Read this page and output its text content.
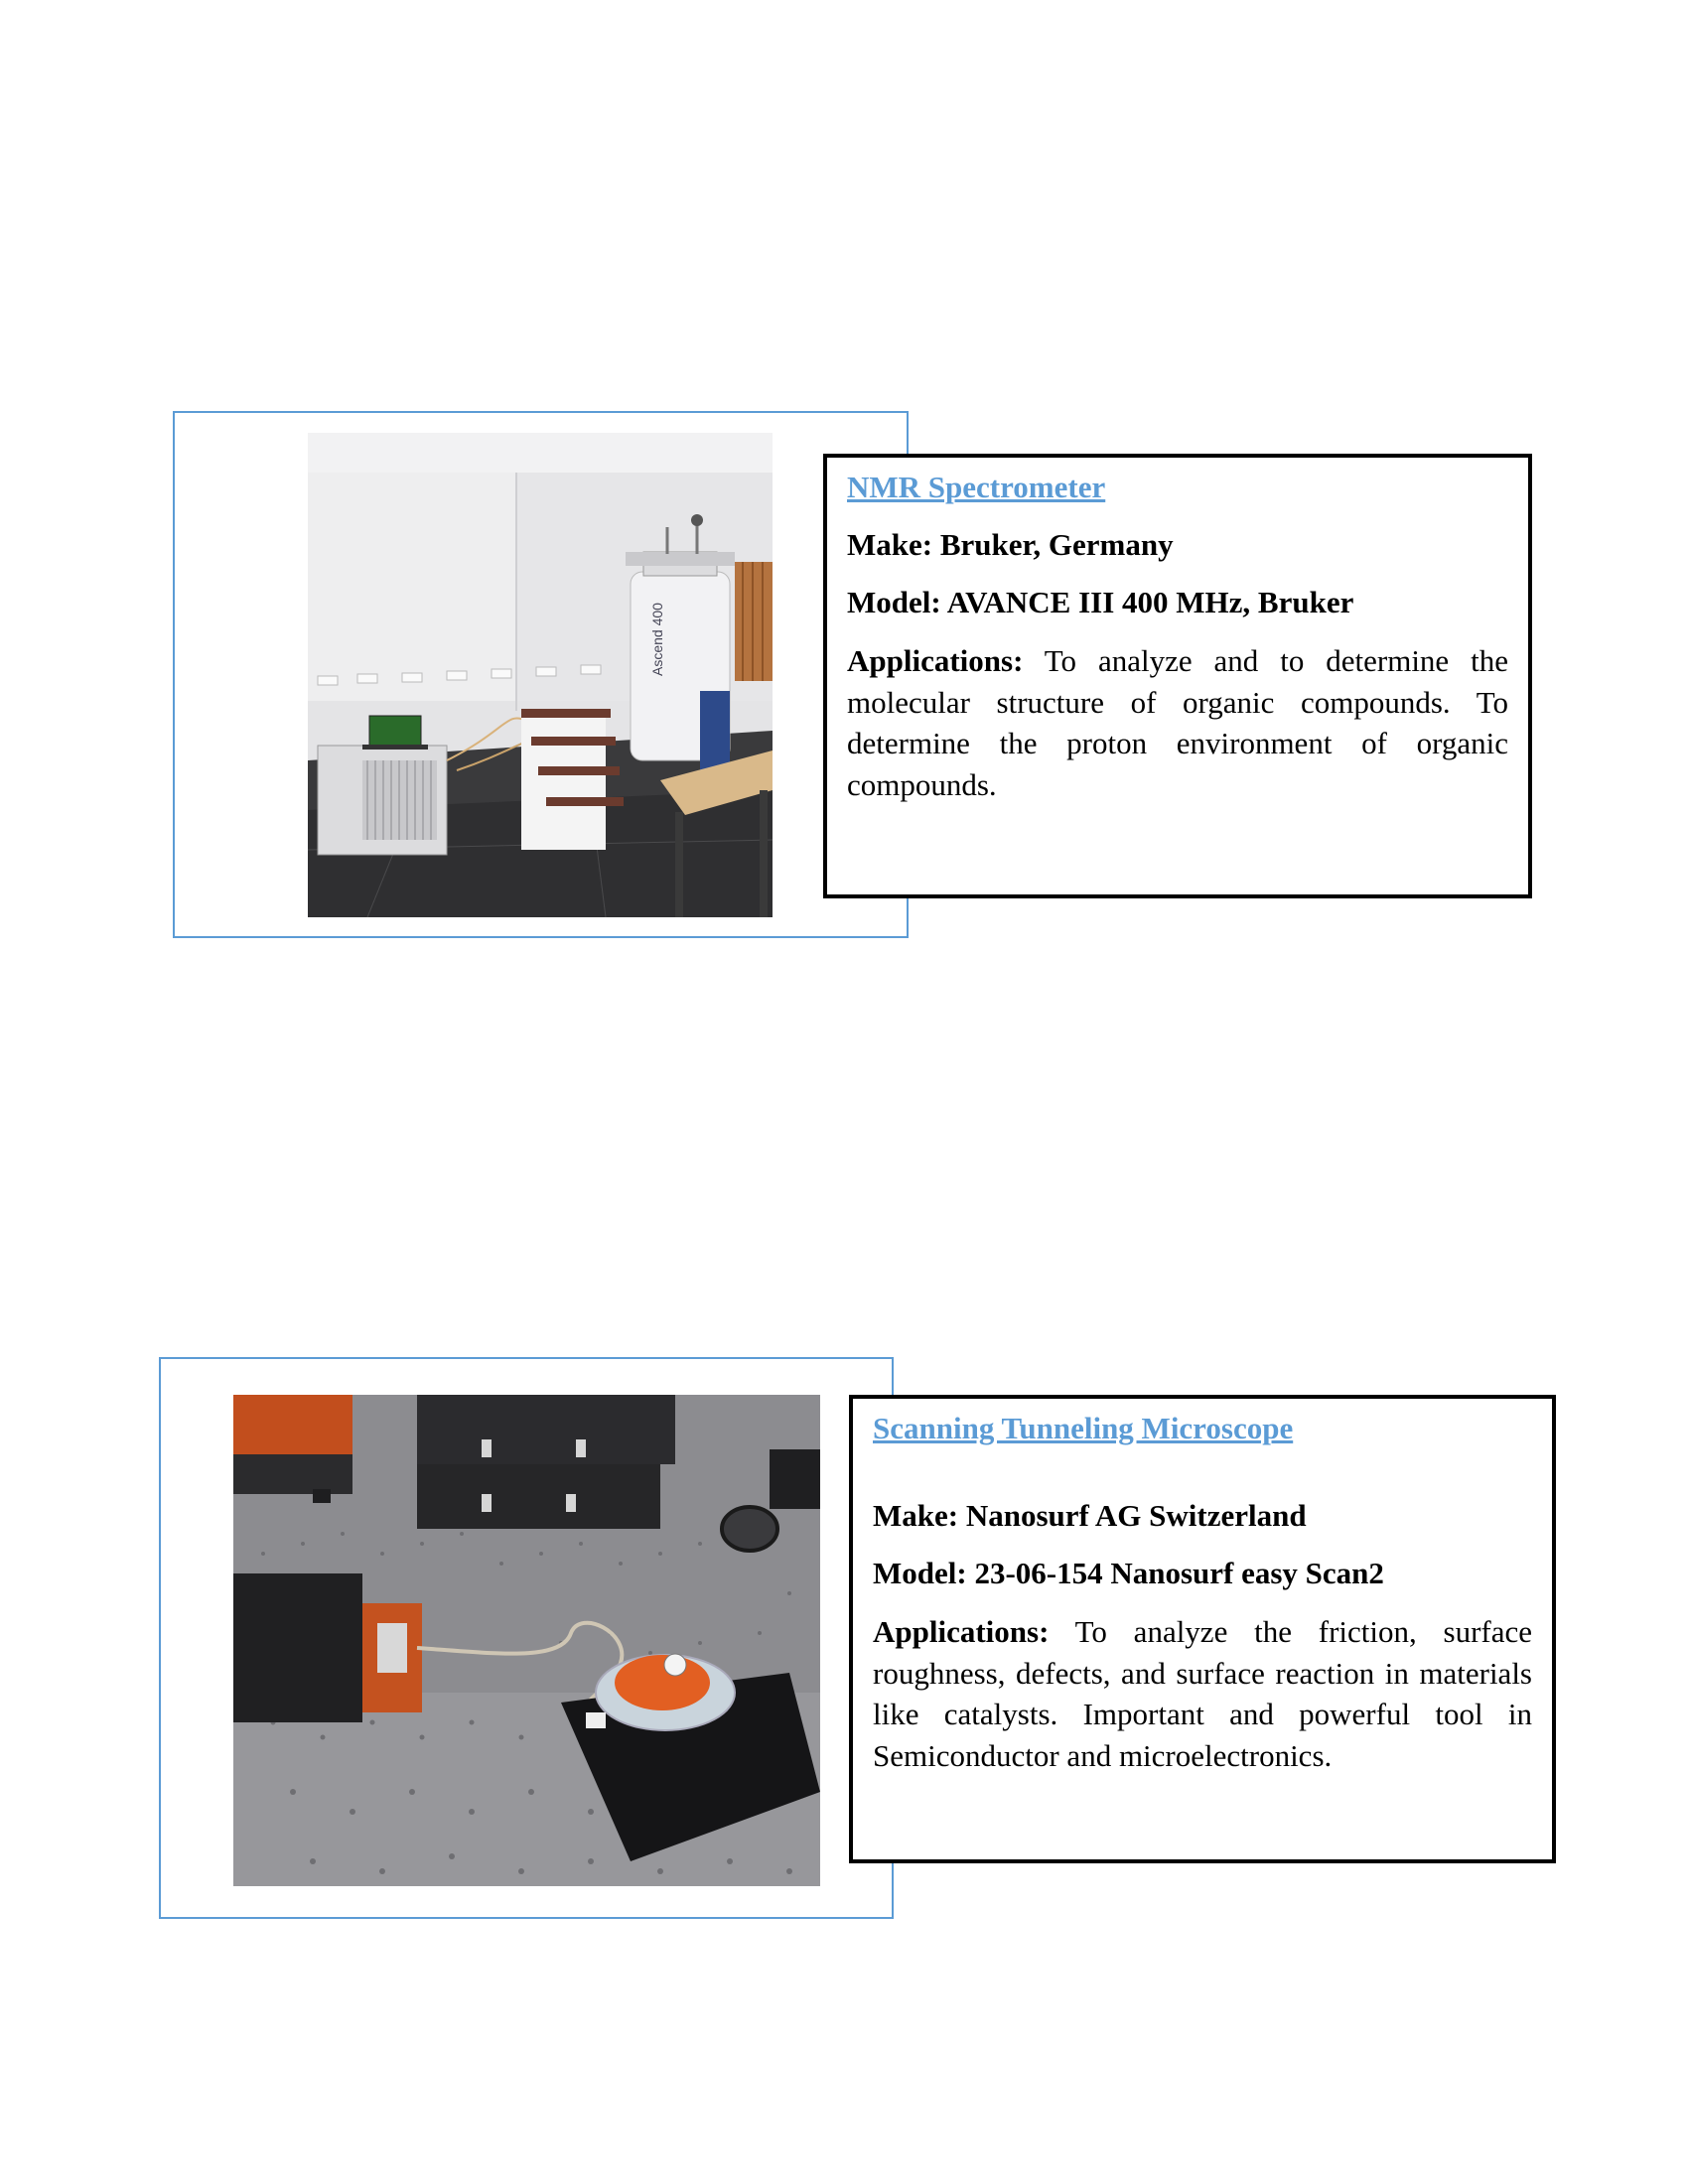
Ascend 400
NMR Spectrometer
Make: Bruker, Germany
Model: AVANCE III 400 MHz, Bruker

Applications: To analyze and to determine the molecular structure of organic compounds. To determine the proton environment of organic compounds.

Scanning Tunneling Microscope
Make: Nanosurf AG Switzerland
Model: 23-06-154 Nanosurf easy Scan2

Applications: To analyze the friction, surface roughness, defects, and surface reaction in materials like catalysts. Important and powerful tool in Semiconductor and microelectronics.
